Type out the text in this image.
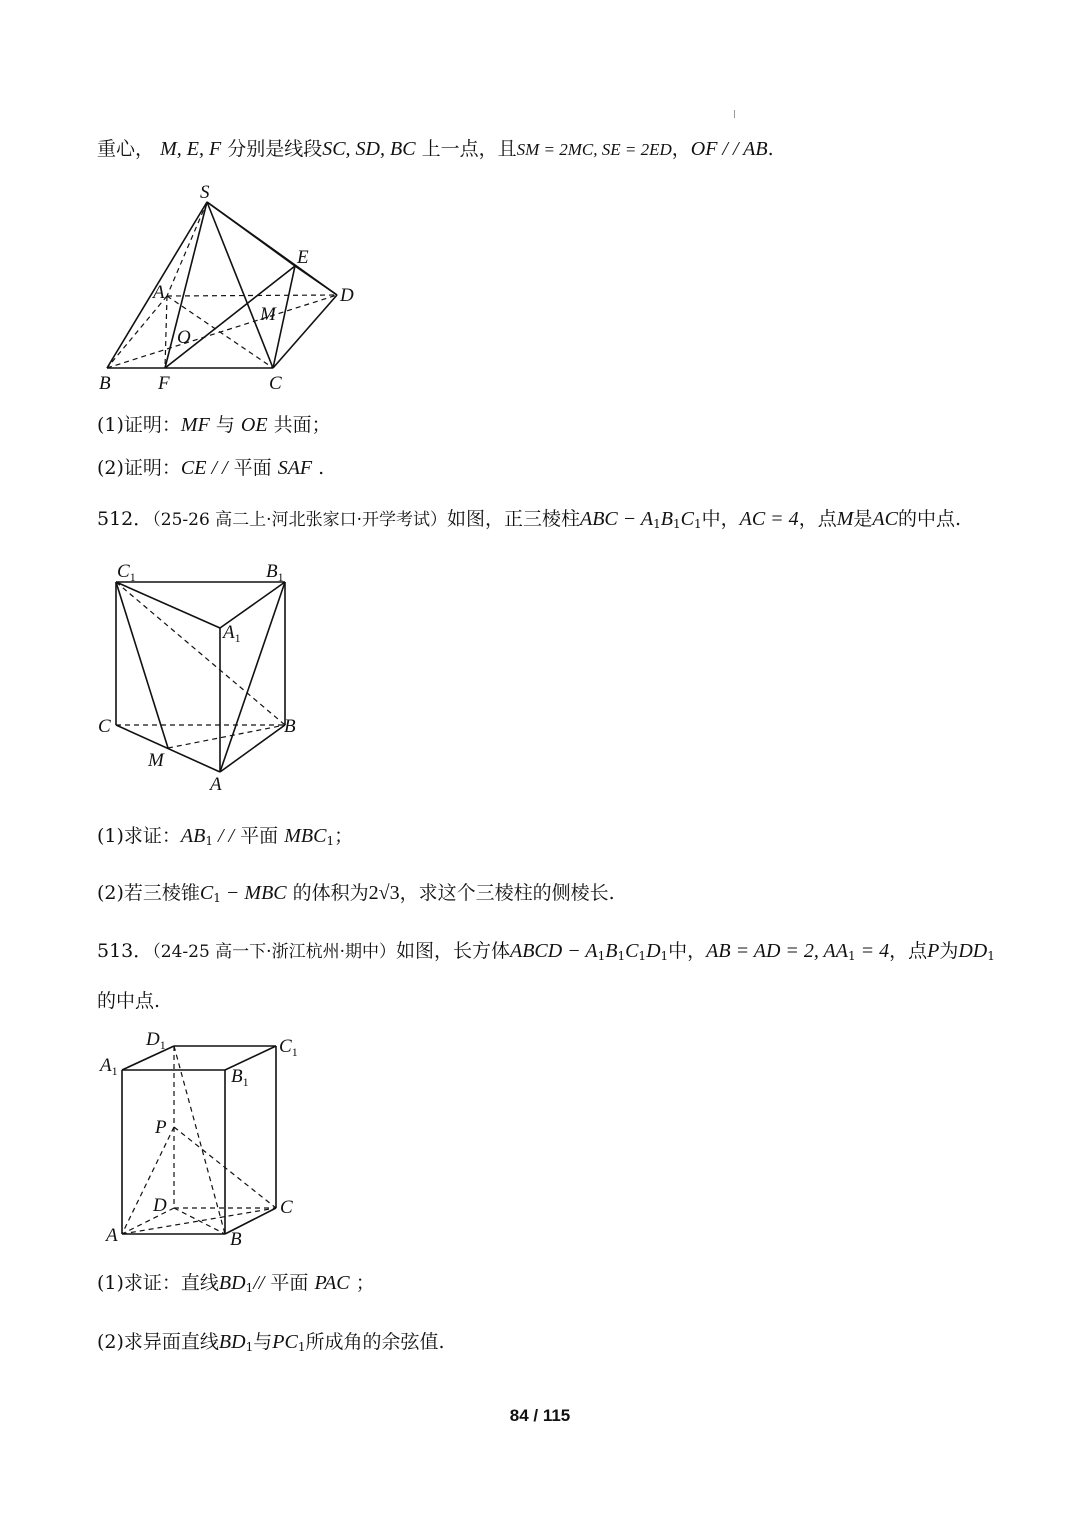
重心， M, E, F 分别是线段SC, SD, BC 上一点，且SM = 2MC, SE = 2ED，OF / / AB.
S
E
A	D
M
O
B F	C
(1)证明：MF 与 OE 共面；
(2)证明：CE / / 平面 SAF .
512．（25-26 高二上·河北张家口·开学考试）如图，正三棱柱ABC − $A_1B_1C_1$中，AC = 4，点M是AC的中点.
$C_1$	$B_1$
$A_1$
C	B
M
A
(1)求证：$AB_1$ / / 平面 $MBC_1$；
(2)若三棱锥$C_1$ − MBC 的体积为2√3，求这个三棱柱的侧棱长.
513．（24-25 高一下·浙江杭州·期中）如图，长方体ABCD − $A_1B_1C_1D_1$中，AB = AD = 2, $AA_1 = 4$，点P为$DD_1$
的中点.
$D_1$	$C_1$
$A_1$	$B_1$
P
D	C
A	B
(1)求证：直线$BD_1//$ 平面 PAC ；
(2)求异面直线$BD_1$与$PC_1$所成角的余弦值.
84 / 115
